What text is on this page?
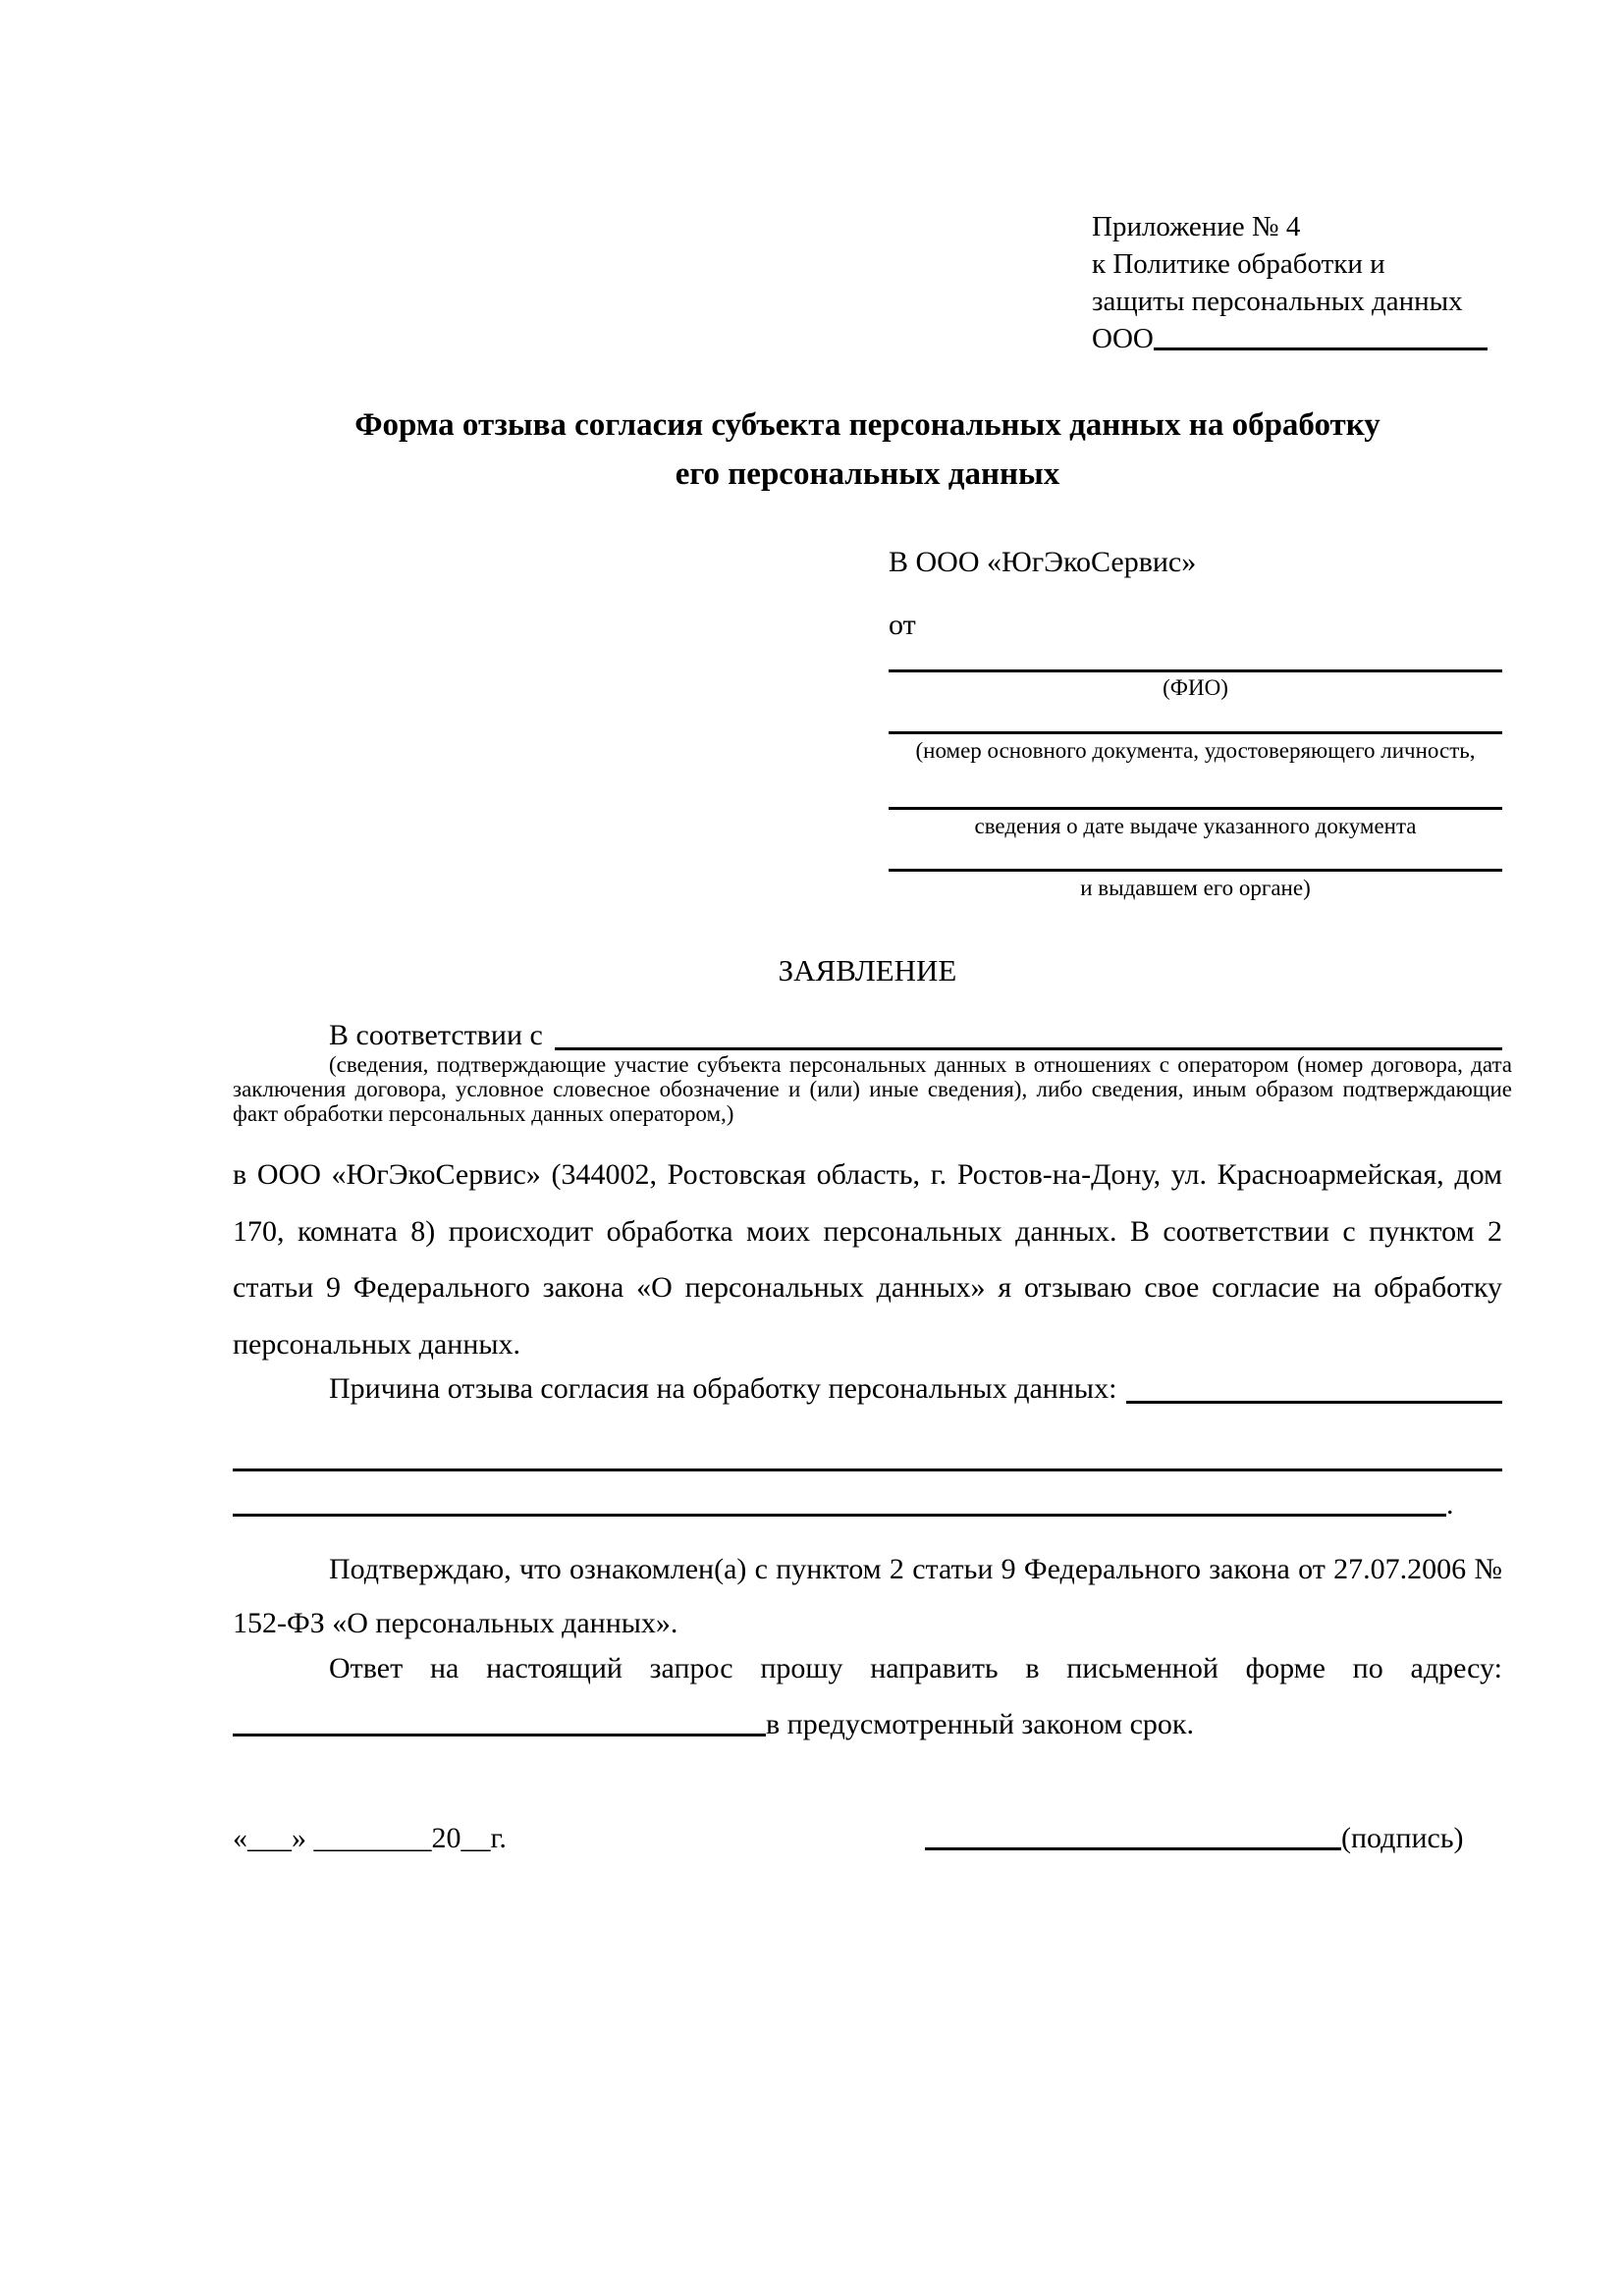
Приложение № 4
к Политике обработки и
защиты персональных данных
ООО
Форма отзыва согласия субъекта персональных данных на обработку
его персональных данных
В ООО «ЮгЭкоСервис»
от
(ФИО)
(номер основного документа, удостоверяющего личность,
сведения о дате выдаче указанного документа
и выдавшем его органе)
ЗАЯВЛЕНИЕ
В соответствии с
(сведения, подтверждающие участие субъекта персональных данных в отношениях с оператором (номер договора, дата заключения договора, условное словесное обозначение и (или) иные сведения), либо сведения, иным образом подтверждающие факт обработки персональных данных оператором,)
в ООО «ЮгЭкоСервис» (344002, Ростовская область, г. Ростов-на-Дону, ул. Красноармейская, дом 170, комната 8) происходит обработка моих персональных данных. В соответствии с пунктом 2 статьи 9 Федерального закона «О персональных данных» я отзываю свое согласие на обработку персональных данных.
Причина отзыва согласия на обработку персональных данных:
.
Подтверждаю, что ознакомлен(а) с пунктом 2 статьи 9 Федерального закона от 27.07.2006 № 152-ФЗ «О персональных данных».
Ответ на настоящий запрос прошу направить в письменной форме по адресу:
в предусмотренный законом срок.
«___» ________20__г.	(подпись)
